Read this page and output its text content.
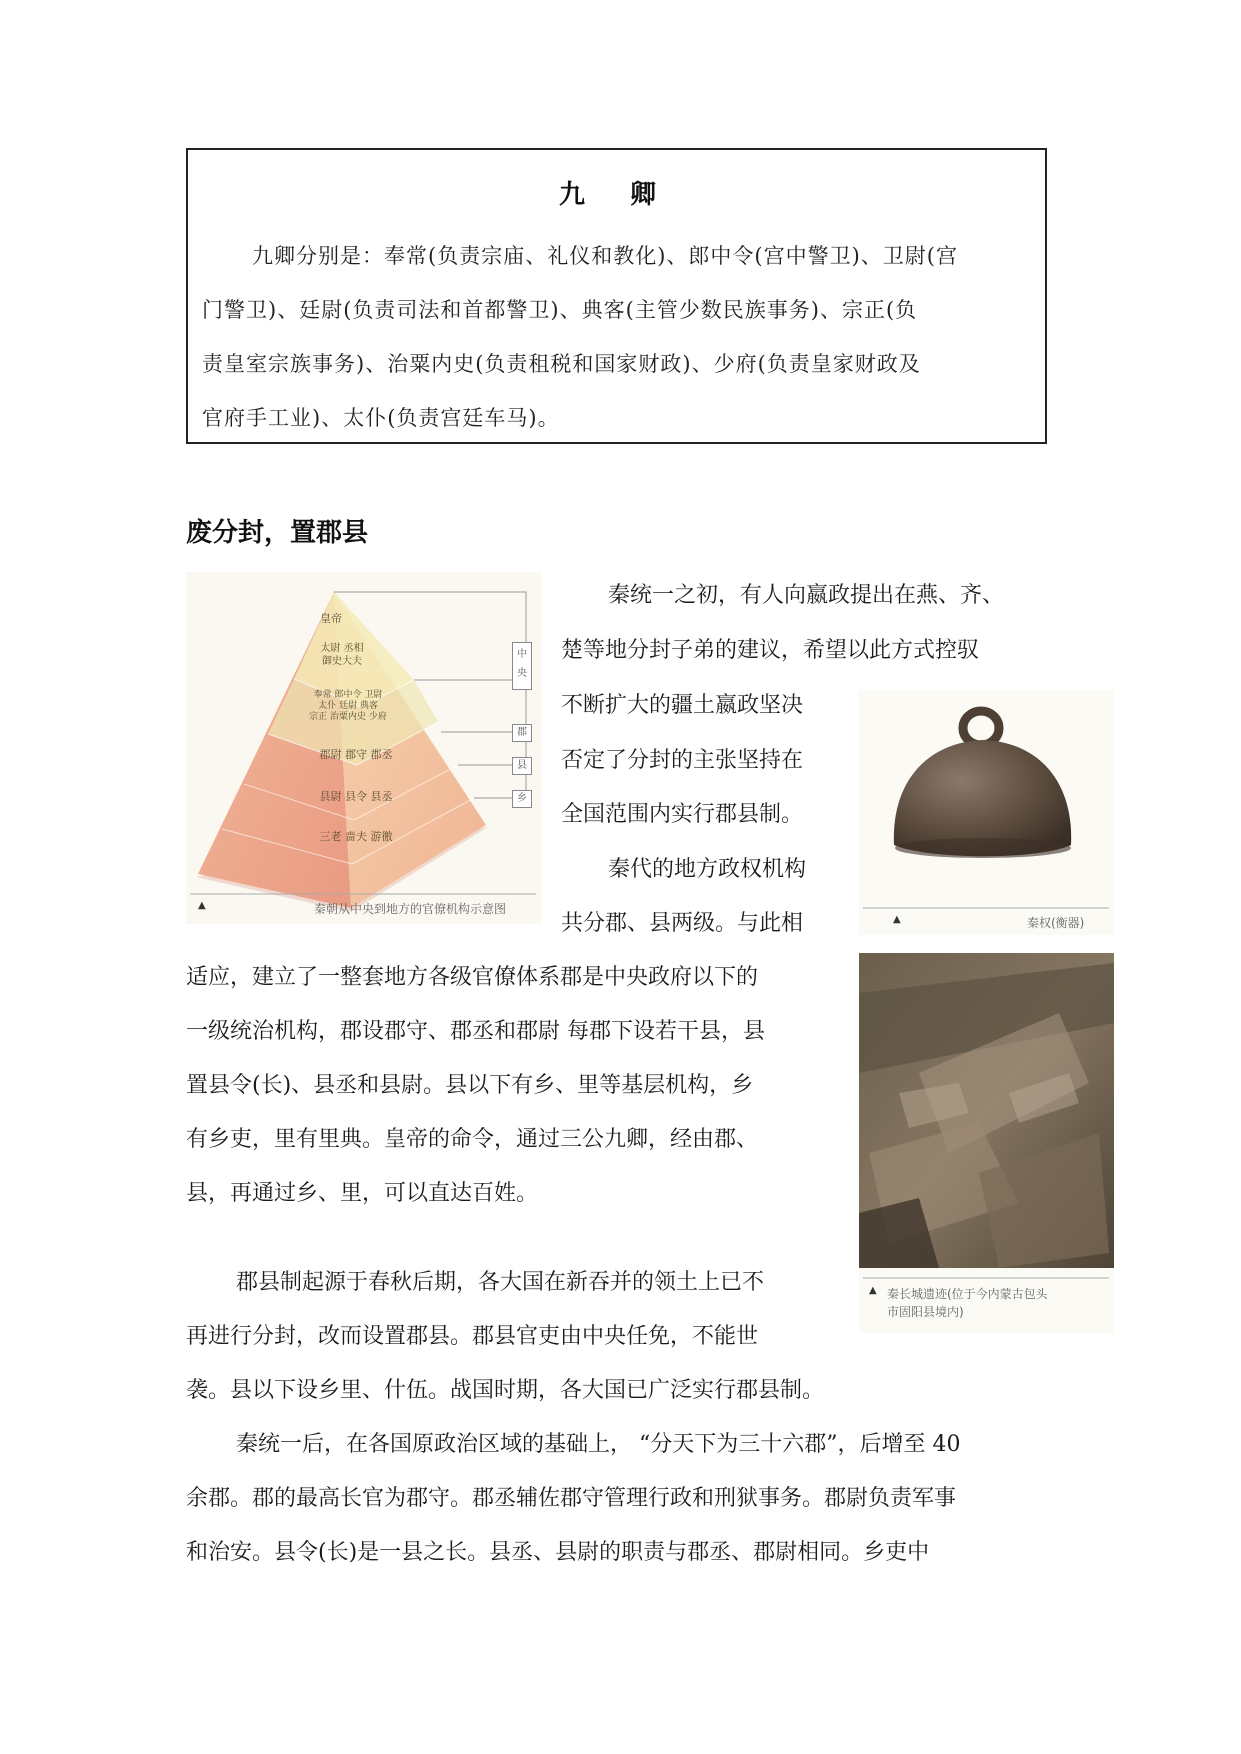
九 卿
九卿分别是：奉常(负责宗庙、礼仪和教化)、郎中令(宫中警卫)、卫尉(宫
门警卫)、廷尉(负责司法和首都警卫)、典客(主管少数民族事务)、宗正(负
责皇室宗族事务)、治粟内史(负责租税和国家财政)、少府(负责皇家财政及
官府手工业)、太仆(负责宫廷车马)。
废分封，置郡县
皇帝
太尉 丞相
御史大夫
奉常 郎中令 卫尉
太仆 廷尉 典客
宗正 治粟内史 少府
郡尉 郡守 郡丞
县尉 县令 县丞
三老 啬夫 游徼
中央
郡
县
乡
▲	秦朝从中央到地方的官僚机构示意图
▲	秦权(衡器)
▲ 秦长城遗迹(位于今内蒙古包头
市固阳县境内)
秦统一之初，有人向嬴政提出在燕、齐、
楚等地分封子弟的建议，希望以此方式控驭
不断扩大的疆土嬴政坚决
否定了分封的主张坚持在
全国范围内实行郡县制。
秦代的地方政权机构
共分郡、县两级。与此相
适应，建立了一整套地方各级官僚体系郡是中央政府以下的
一级统治机构，郡设郡守、郡丞和郡尉 每郡下设若干县，县
置县令(长)、县丞和县尉。县以下有乡、里等基层机构，乡
有乡吏，里有里典。皇帝的命令，通过三公九卿，经由郡、
县，再通过乡、里，可以直达百姓。
郡县制起源于春秋后期，各大国在新吞并的领土上已不
再进行分封，改而设置郡县。郡县官吏由中央任免，不能世
袭。县以下设乡里、什伍。战国时期，各大国已广泛实行郡县制。
秦统一后，在各国原政治区域的基础上， “分天下为三十六郡”，后增至 40
余郡。郡的最高长官为郡守。郡丞辅佐郡守管理行政和刑狱事务。郡尉负责军事
和治安。县令(长)是一县之长。县丞、县尉的职责与郡丞、郡尉相同。乡吏中
